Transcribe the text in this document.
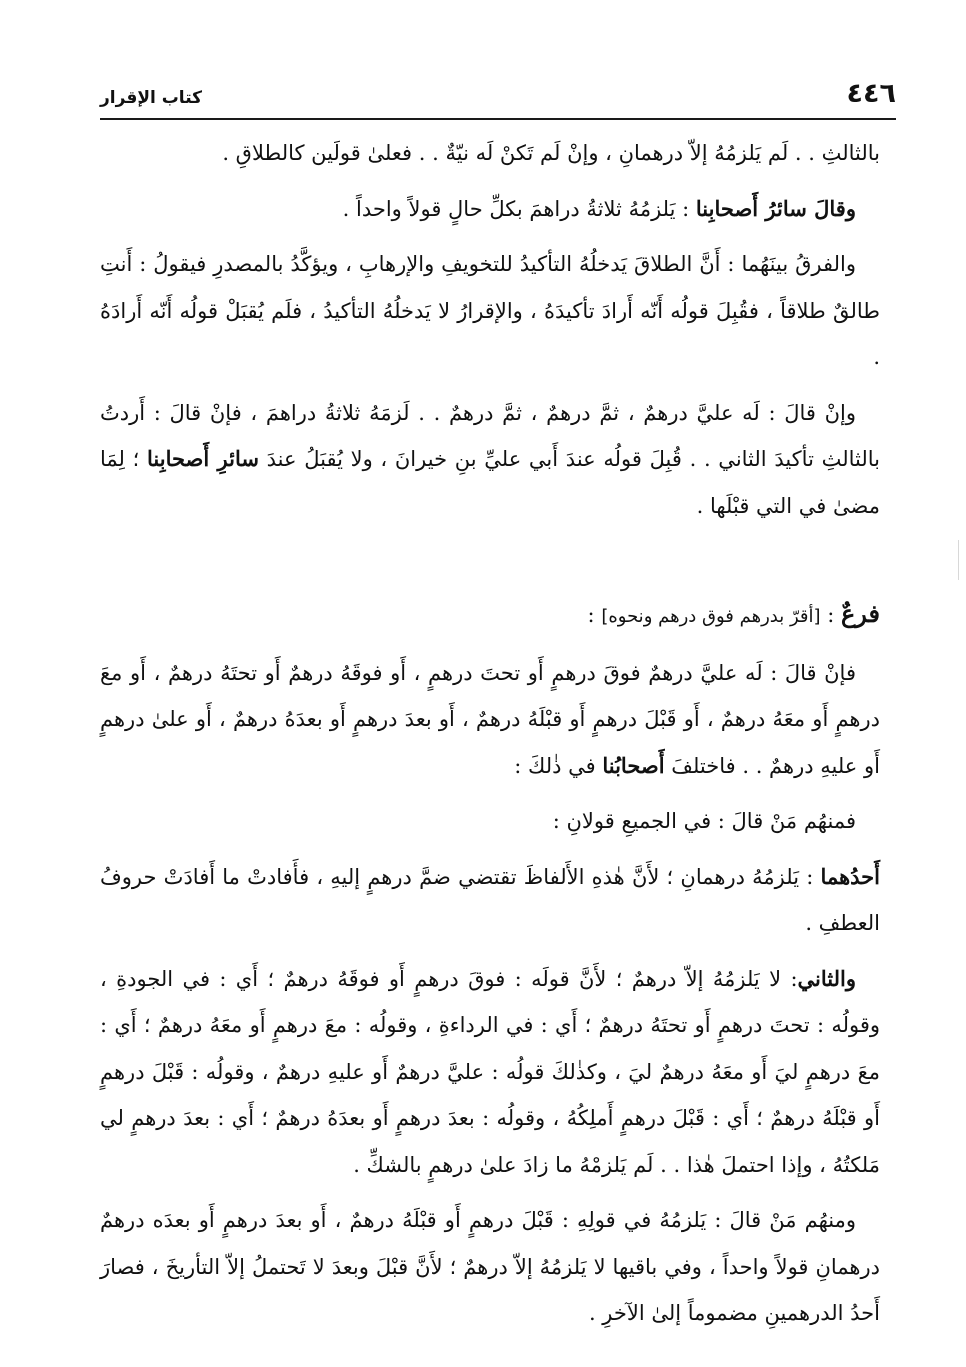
٤٤٦
كتاب الإقرار

بالثالثِ . . لَم يَلزمُهُ إلاّ درهمانِ ، وإنْ لَم تَكنْ لَه نيّةٌ . . فعلىٰ قولَين كالطلاقِ .

وقالَ سائرُ أَصحابِنا : يَلزمُهُ ثلاثةُ دراهمَ بكلِّ حالٍ قولاً واحداً .

والفرقُ بينَهُما : أَنَّ الطلاقَ يَدخلُهُ التأكيدُ للتخويفِ والإرهابِ ، ويؤكَّدُ بالمصدرِ فيقولُ : أَنتِ طالقٌ طلاقاً ، فقُبِلَ قولُه أَنّه أَرادَ تأكيدَهُ ، والإقرارُ لا يَدخلُهُ التأكيدُ ، فلَم يُقبَلْ قولُه أَنّه أَرادَهُ .

وإنْ قالَ : لَه عليَّ درهمٌ ، ثمَّ درهمٌ ، ثمَّ درهمٌ . . لَزمَهُ ثلاثةُ دراهمَ ، فإنْ قالَ : أَردتُ بالثالثِ تأكيدَ الثاني . . قُبِلَ قولُه عندَ أَبي عليِّ بنِ خيرانَ ، ولا يُقبَلُ عندَ سائرِ أَصحابِنا ؛ لِمَا مضىٰ في التي قبْلَها .

فرعٌ : [أقرّ بدرهم فوق درهم ونحوه] :

فإنْ قالَ : لَه عليَّ درهمٌ فوقَ درهمٍ أَو تحتَ درهمٍ ، أَو فوقَهُ درهمٌ أَو تحتَهُ درهمٌ ، أَو معَ درهمٍ أَو معَهُ درهمٌ ، أَو قَبْلَ درهمٍ أَو قبْلَهُ درهمٌ ، أَو بعدَ درهمٍ أَو بعدَهُ درهمٌ ، أَو علىٰ درهمٍ أَو عليهِ درهمٌ . . فاختلفَ أَصحابُنا في ذٰلكَ :

فمنهُم مَنْ قالَ : في الجميعِ قولانِ :

أَحدُهما : يَلزمُهُ درهمانِ ؛ لأَنَّ هٰذهِ الأَلفاظَ تقتضي ضمَّ درهمٍ إليهِ ، فأَفادتْ ما أَفادَتْ حروفُ العطفِ .

والثاني: لا يَلزمُهُ إلاّ درهمٌ ؛ لأَنَّ قولَه : فوقَ درهمٍ أَو فوقَهُ درهمٌ ؛ أَي : في الجودةِ ، وقولُه : تحتَ درهمٍ أَو تحتَهُ درهمٌ ؛ أَي : في الرداءةِ ، وقولُه : معَ درهمٍ أَو معَهُ درهمٌ ؛ أَي : معَ درهمٍ ليَ أَو معَهُ درهمٌ ليَ ، وكذٰلكَ قولُه : عليَّ درهمٌ أَو عليهِ درهمٌ ، وقولُه : قَبْلَ درهمٍ أَو قبْلَهُ درهمٌ ؛ أَي : قَبْلَ درهمٍ أَملِكُهُ ، وقولُه : بعدَ درهمٍ أَو بعدَهُ درهمٌ ؛ أَي : بعدَ درهمٍ لي مَلكتُهُ ، وإذا احتملَ هٰذا . . لَم يَلزمْهُ ما زادَ علىٰ درهمٍ بالشكِّ .

ومنهُم مَنْ قالَ : يَلزمُهُ في قولِهِ : قَبْلَ درهمٍ أَو قبْلَهُ درهمٌ ، أَو بعدَ درهمٍ أَو بعدَه درهمٌ درهمانِ قولاً واحداً ، وفي باقيها لا يَلزمُهُ إلاّ درهمٌ ؛ لأَنَّ قبْلَ وبعدَ لا تَحتملُ إلاّ التأريخَ ، فصارَ أَحدُ الدرهمينِ مضموماً إلىٰ الآخرِ .
